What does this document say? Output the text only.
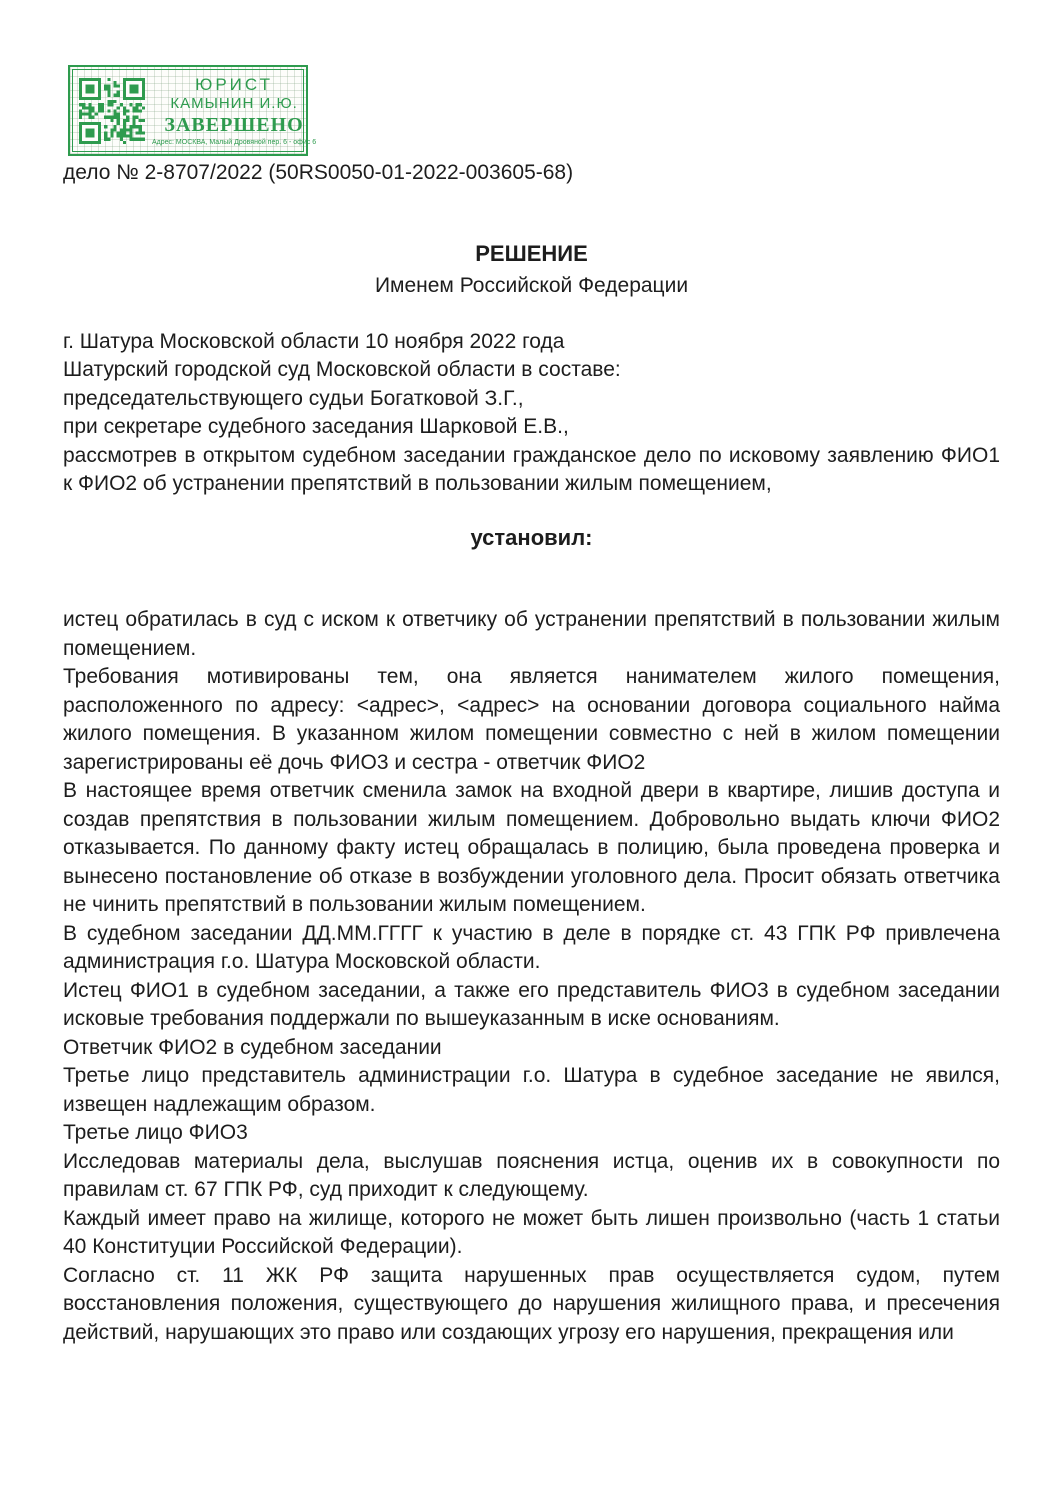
ЮРИСТ
КАМЫНИН И.Ю.
ЗАВЕРШЕНО
Адрес: МОСКВА, Малый Дровяной пер. 6 - офис 6

дело № 2-8707/2022 (50RS0050-01-2022-003605-68)

РЕШЕНИЕ

Именем Российской Федерации

г. Шатура Московской области 10 ноября 2022 года

Шатурский городской суд Московской области в составе:

председательствующего судьи Богатковой З.Г.,

при секретаре судебного заседания Шарковой Е.В.,

рассмотрев в открытом судебном заседании гражданское дело по исковому заявлению ФИО1 к ФИО2 об устранении препятствий в пользовании жилым помещением,

установил:

истец обратилась в суд с иском к ответчику об устранении препятствий в пользовании жилым помещением.

Требования мотивированы тем, она является нанимателем жилого помещения, расположенного по адресу: <адрес>, <адрес> на основании договора социального найма жилого помещения. В указанном жилом помещении совместно с ней в жилом помещении зарегистрированы её дочь ФИО3 и сестра - ответчик ФИО2

В настоящее время ответчик сменила замок на входной двери в квартире, лишив доступа и создав препятствия в пользовании жилым помещением. Добровольно выдать ключи ФИО2 отказывается. По данному факту истец обращалась в полицию, была проведена проверка и вынесено постановление об отказе в возбуждении уголовного дела. Просит обязать ответчика не чинить препятствий в пользовании жилым помещением.

В судебном заседании ДД.ММ.ГГГГ к участию в деле в порядке ст. 43 ГПК РФ привлечена администрация г.о. Шатура Московской области.

Истец ФИО1 в судебном заседании, а также его представитель ФИО3 в судебном заседании исковые требования поддержали по вышеуказанным в иске основаниям.

Ответчик ФИО2 в судебном заседании

Третье лицо представитель администрации г.о. Шатура в судебное заседание не явился, извещен надлежащим образом.

Третье лицо ФИО3

Исследовав материалы дела, выслушав пояснения истца, оценив их в совокупности по правилам ст. 67 ГПК РФ, суд приходит к следующему.

Каждый имеет право на жилище, которого не может быть лишен произвольно (часть 1 статьи 40 Конституции Российской Федерации).

Согласно ст. 11 ЖК РФ защита нарушенных прав осуществляется судом, путем восстановления положения, существующего до нарушения жилищного права, и пресечения действий, нарушающих это право или создающих угрозу его нарушения, прекращения или
